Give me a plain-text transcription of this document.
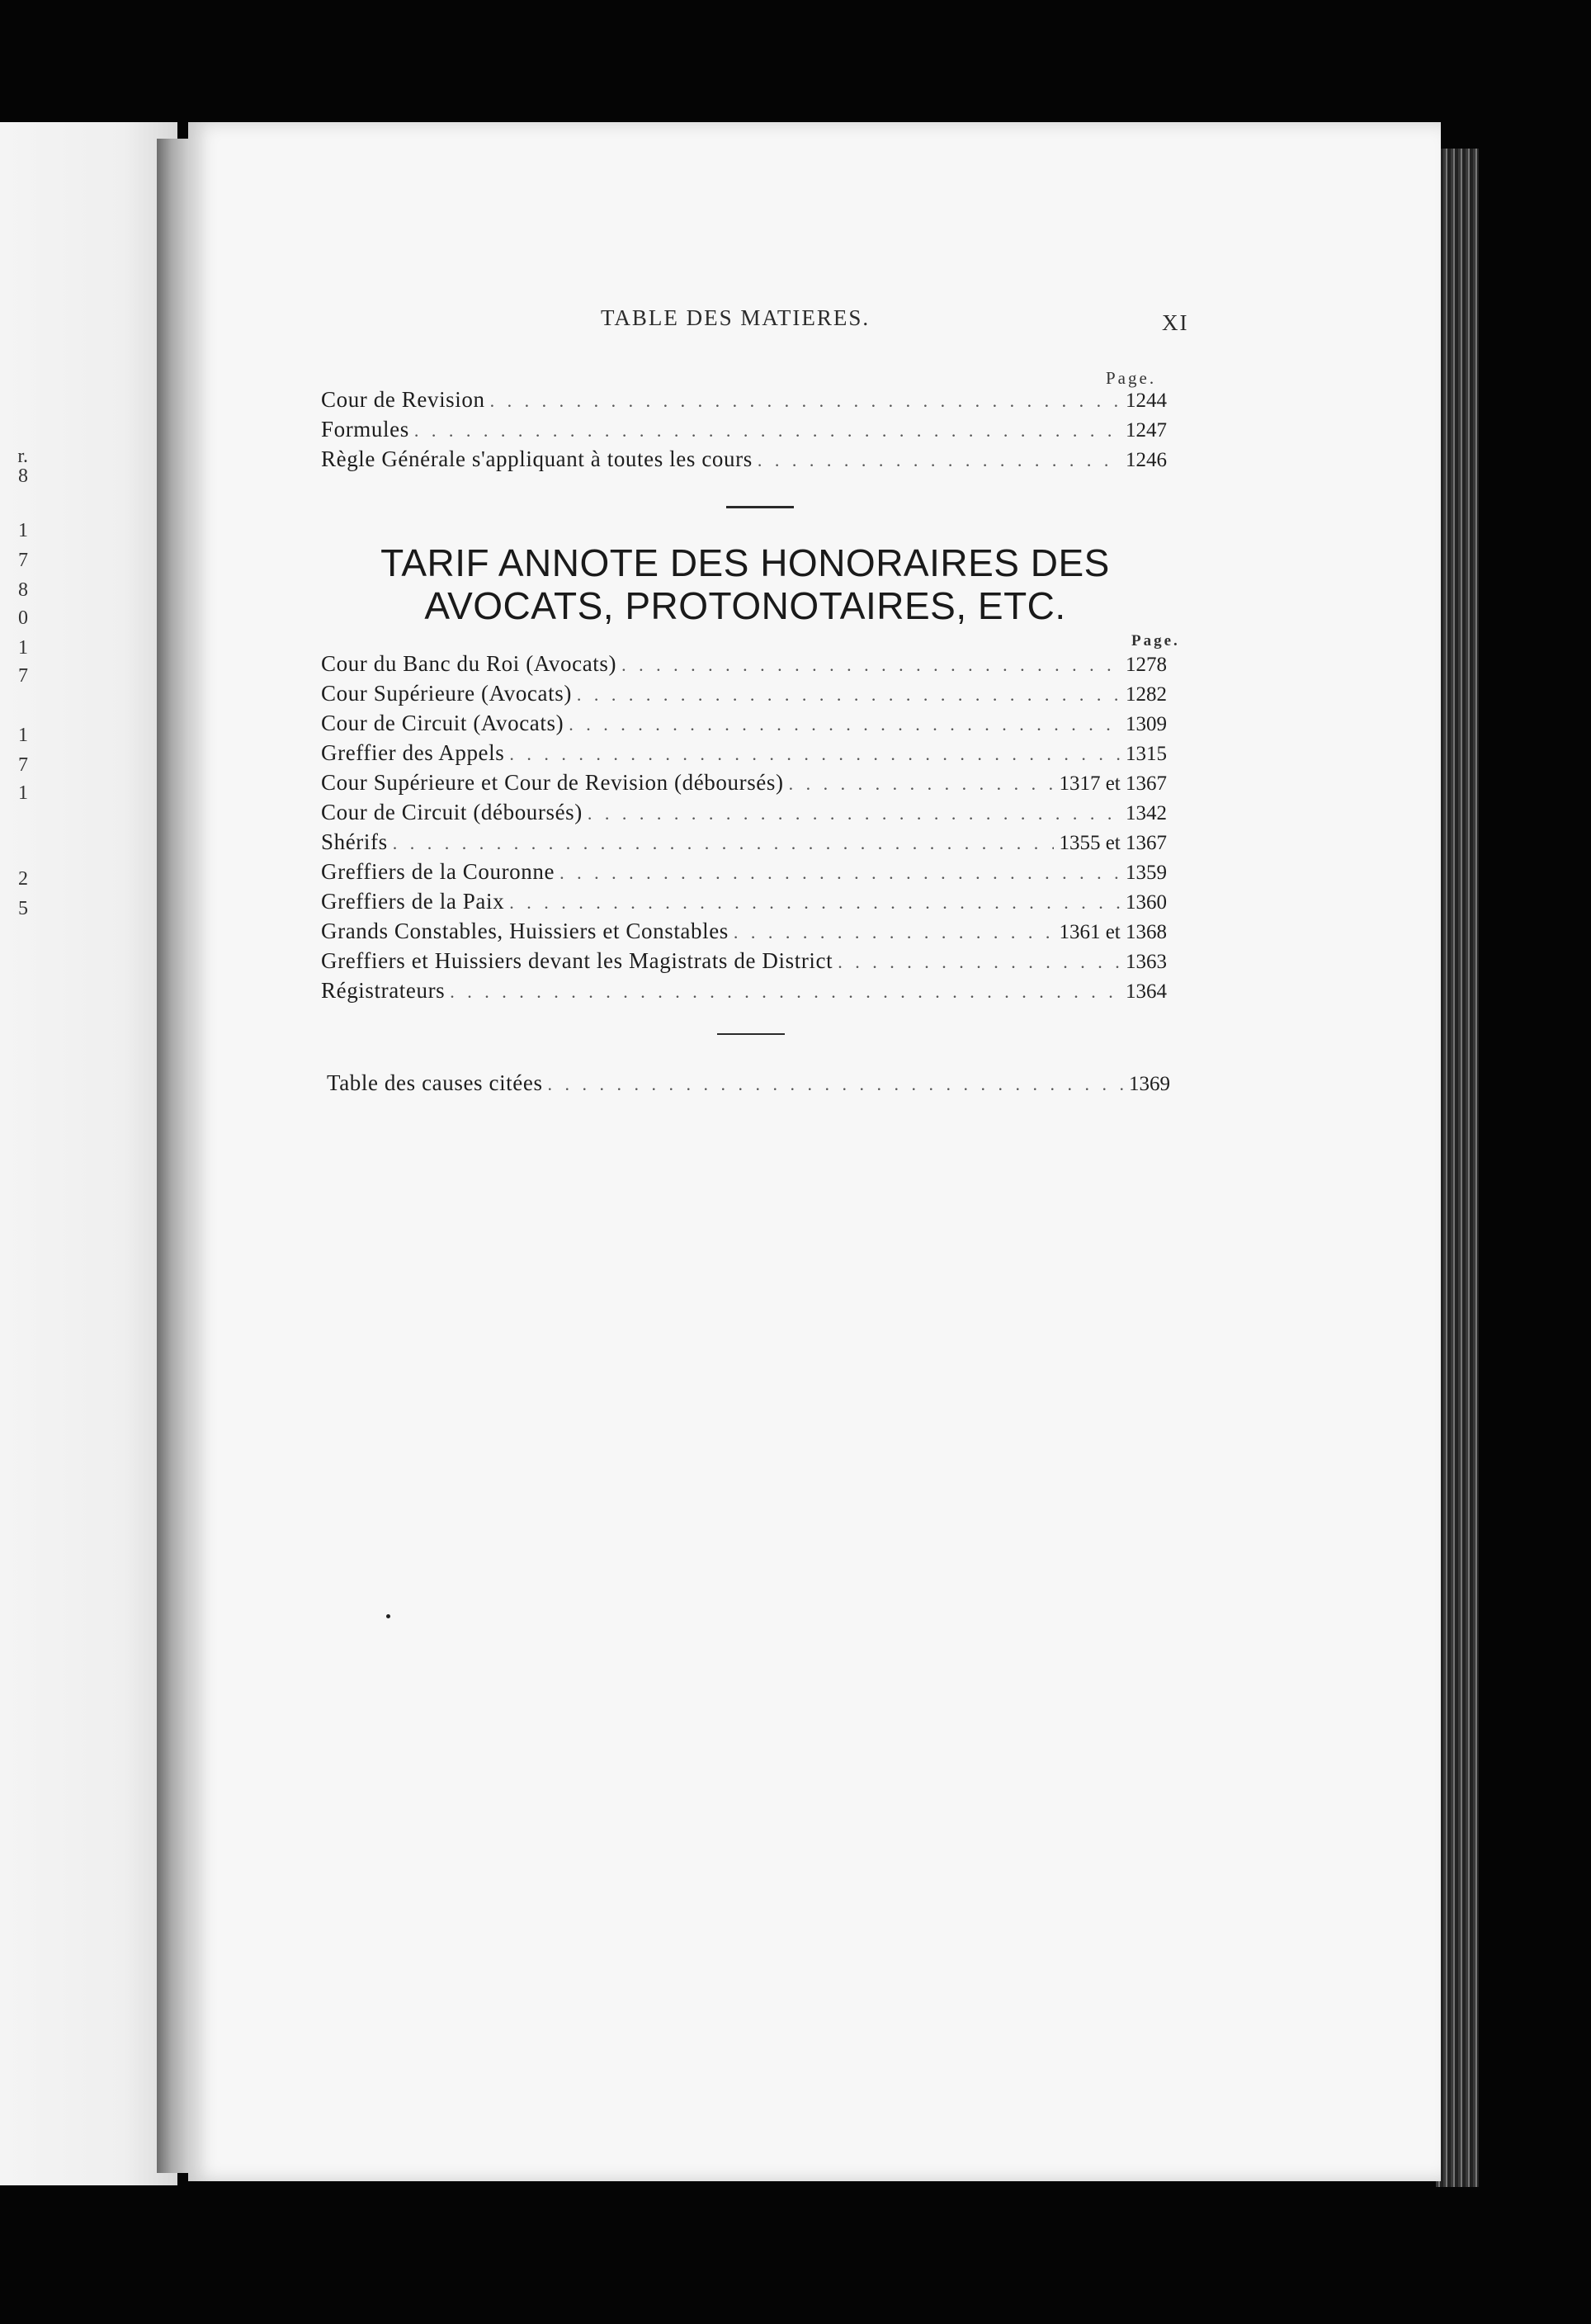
r.
8
1
7
8
0
1
7
1
7
1
2
5
TABLE DES MATIERES.	XI
Page.
Cour de Revision . . .	1244
Formules . . .	1247
Règle Générale s'appliquant à toutes les cours . . .	1246
TARIF ANNOTE DES HONORAIRES DES
AVOCATS, PROTONOTAIRES, ETC.
Page.
Cour du Banc du Roi (Avocats) . . .	1278
Cour Supérieure (Avocats) . . .	1282
Cour de Circuit (Avocats) . . .	1309
Greffier des Appels . . .	1315
Cour Supérieure et Cour de Revision (déboursés) . . .	1317 et 1367
Cour de Circuit (déboursés) . . .	1342
Shérifs . . .	1355 et 1367
Greffiers de la Couronne . . .	1359
Greffiers de la Paix . . .	1360
Grands Constables, Huissiers et Constables . . .	1361 et 1368
Greffiers et Huissiers devant les Magistrats de District . . .	1363
Régistrateurs . . .	1364
Table des causes citées . . .	1369
